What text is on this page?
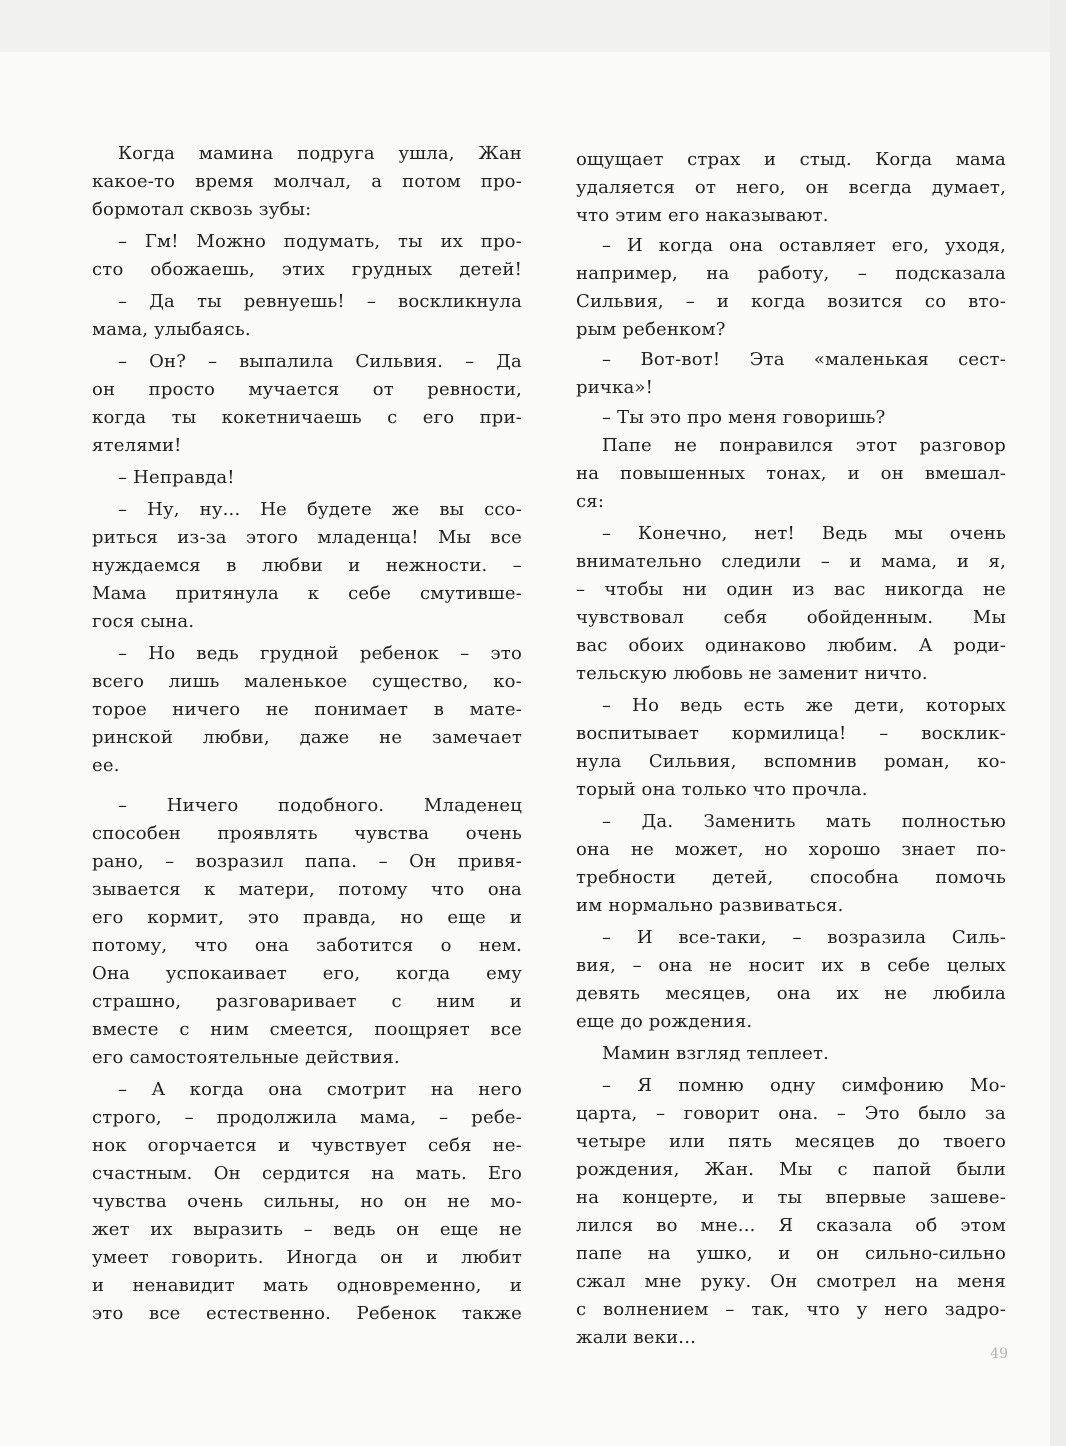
Когда мамина подруга ушла, Жан
какое-то время молчал, а потом про-
бормотал сквозь зубы:
– Гм! Можно подумать, ты их про-
сто обожаешь, этих грудных детей!
– Да ты ревнуешь! – воскликнула
мама, улыбаясь.
– Он? – выпалила Сильвия. – Да
он просто мучается от ревности,
когда ты кокетничаешь с его при-
ятелями!
– Неправда!
– Ну, ну... Не будете же вы ссо-
риться из-за этого младенца! Мы все
нуждаемся в любви и нежности. –
Мама притянула к себе смутивше-
гося сына.
– Но ведь грудной ребенок – это
всего лишь маленькое существо, ко-
торое ничего не понимает в мате-
ринской любви, даже не замечает
ее.
– Ничего подобного. Младенец
способен проявлять чувства очень
рано, – возразил папа. – Он привя-
зывается к матери, потому что она
его кормит, это правда, но еще и
потому, что она заботится о нем.
Она успокаивает его, когда ему
страшно, разговаривает с ним и
вместе с ним смеется, поощряет все
его самостоятельные действия.
– А когда она смотрит на него
строго, – продолжила мама, – ребе-
нок огорчается и чувствует себя не-
счастным. Он сердится на мать. Его
чувства очень сильны, но он не мо-
жет их выразить – ведь он еще не
умеет говорить. Иногда он и любит
и ненавидит мать одновременно, и
это все естественно. Ребенок также
ощущает страх и стыд. Когда мама
удаляется от него, он всегда думает,
что этим его наказывают.
– И когда она оставляет его, уходя,
например, на работу, – подсказала
Сильвия, – и когда возится со вто-
рым ребенком?
– Вот-вот! Эта «маленькая сест-
ричка»!
– Ты это про меня говоришь?
Папе не понравился этот разговор
на повышенных тонах, и он вмешал-
ся:
– Конечно, нет! Ведь мы очень
внимательно следили – и мама, и я,
– чтобы ни один из вас никогда не
чувствовал себя обойденным. Мы
вас обоих одинаково любим. А роди-
тельскую любовь не заменит ничто.
– Но ведь есть же дети, которых
воспитывает кормилица! – восклик-
нула Сильвия, вспомнив роман, ко-
торый она только что прочла.
– Да. Заменить мать полностью
она не может, но хорошо знает по-
требности детей, способна помочь
им нормально развиваться.
– И все-таки, – возразила Силь-
вия, – она не носит их в себе целых
девять месяцев, она их не любила
еще до рождения.
Мамин взгляд теплеет.
– Я помню одну симфонию Мо-
царта, – говорит она. – Это было за
четыре или пять месяцев до твоего
рождения, Жан. Мы с папой были
на концерте, и ты впервые зашеве-
лился во мне... Я сказала об этом
папе на ушко, и он сильно-сильно
сжал мне руку. Он смотрел на меня
с волнением – так, что у него задро-
жали веки...
49
